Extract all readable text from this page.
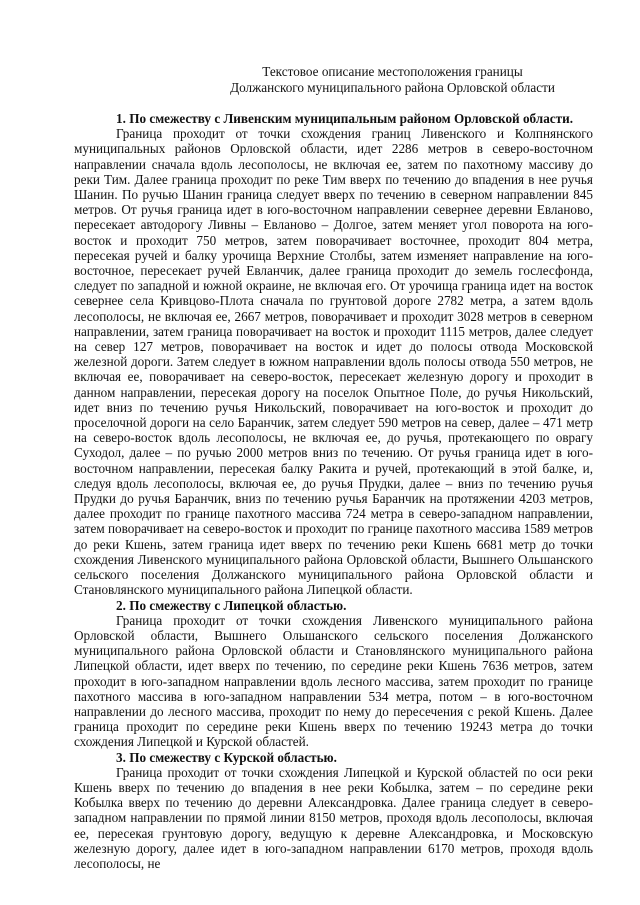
Текстовое описание местоположения границы
Должанского муниципального района Орловской области
1. По смежеству с Ливенским муниципальным районом Орловской области.

Граница проходит от точки схождения границ Ливенского и Колпнянского муниципальных районов Орловской области, идет 2286 метров в северо-восточном направлении сначала вдоль лесополосы, не включая ее, затем по пахотному массиву до реки Тим. Далее граница проходит по реке Тим вверх по течению до впадения в нее ручья Шанин. По ручью Шанин граница следует вверх по течению в северном направлении 845 метров. От ручья граница идет в юго-восточном направлении севернее деревни Евланово, пересекает автодорогу Ливны – Евланово – Долгое, затем меняет угол поворота на юго-восток и проходит 750 метров, затем поворачивает восточнее, проходит 804 метра, пересекая ручей и балку урочища Верхние Столбы, затем изменяет направление на юго-восточное, пересекает ручей Евланчик, далее граница проходит до земель гослесфонда, следует по западной и южной окраине, не включая его. От урочища граница идет на восток севернее села Кривцово-Плота сначала по грунтовой дороге 2782 метра, а затем вдоль лесополосы, не включая ее, 2667 метров, поворачивает и проходит 3028 метров в северном направлении, затем граница поворачивает на восток и проходит 1115 метров, далее следует на север 127 метров, поворачивает на восток и идет до полосы отвода Московской железной дороги. Затем следует в южном направлении вдоль полосы отвода 550 метров, не включая ее, поворачивает на северо-восток, пересекает железную дорогу и проходит в данном направлении, пересекая дорогу на поселок Опытное Поле, до ручья Никольский, идет вниз по течению ручья Никольский, поворачивает на юго-восток и проходит до проселочной дороги на село Баранчик, затем следует 590 метров на север, далее – 471 метр на северо-восток вдоль лесополосы, не включая ее, до ручья, протекающего по оврагу Суходол, далее – по ручью 2000 метров вниз по течению. От ручья граница идет в юго-восточном направлении, пересекая балку Ракита и ручей, протекающий в этой балке, и, следуя вдоль лесополосы, включая ее, до ручья Прудки, далее – вниз по течению ручья Прудки до ручья Баранчик, вниз по течению ручья Баранчик на протяжении 4203 метров, далее проходит по границе пахотного массива 724 метра в северо-западном направлении, затем поворачивает на северо-восток и проходит по границе пахотного массива 1589 метров до реки Кшень, затем граница идет вверх по течению реки Кшень 6681 метр до точки схождения Ливенского муниципального района Орловской области, Вышнего Ольшанского сельского поселения Должанского муниципального района Орловской области и Становлянского муниципального района Липецкой области.

2. По смежеству с Липецкой областью.

Граница проходит от точки схождения Ливенского муниципального района Орловской области, Вышнего Ольшанского сельского поселения Должанского муниципального района Орловской области и Становлянского муниципального района Липецкой области, идет вверх по течению, по середине реки Кшень 7636 метров, затем проходит в юго-западном направлении вдоль лесного массива, затем проходит по границе пахотного массива в юго-западном направлении 534 метра, потом – в юго-восточном направлении до лесного массива, проходит по нему до пересечения с рекой Кшень. Далее граница проходит по середине реки Кшень вверх по течению 19243 метра до точки схождения Липецкой и Курской областей.

3. По смежеству с Курской областью.

Граница проходит от точки схождения Липецкой и Курской областей по оси реки Кшень вверх по течению до впадения в нее реки Кобылка, затем – по середине реки Кобылка вверх по течению до деревни Александровка. Далее граница следует в северо-западном направлении по прямой линии 8150 метров, проходя вдоль лесополосы, включая ее, пересекая грунтовую дорогу, ведущую к деревне Александровка, и Московскую железную дорогу, далее идет в юго-западном направлении 6170 метров, проходя вдоль лесополосы, не
